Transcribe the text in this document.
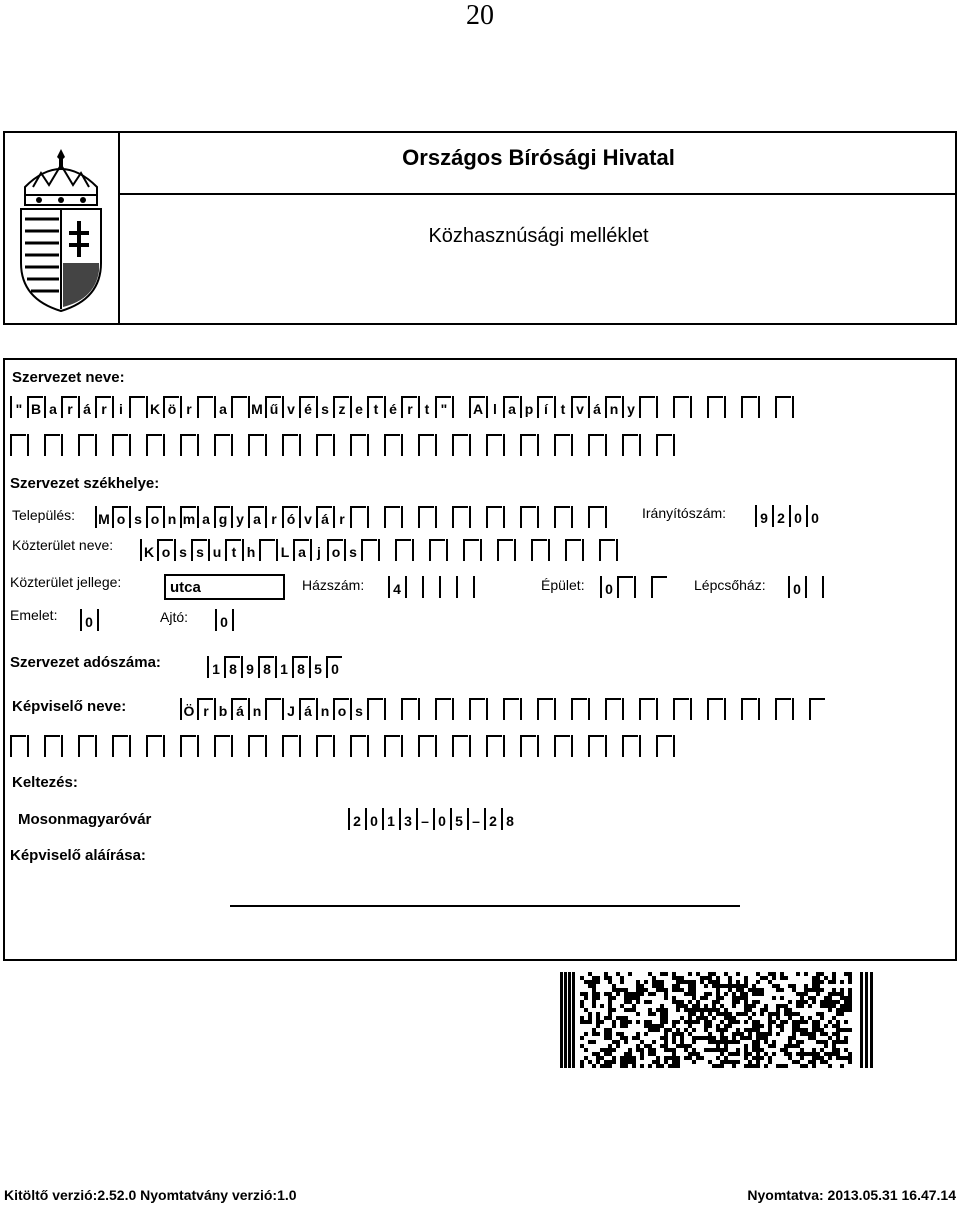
20
Országos Bírósági Hivatal
Közhasznúsági melléklet
Szervezet neve:
" B a r á r i	K ö r	a M ű v é s z e t é r t " A l a p í t v á n y
Szervezet székhelye:
Település: M o s o n m a g y a r ó v á r	Irányítószám:	9 2 0 0
Közterület neve: K o s s u t h	L a j o s
Közterület jellege:	utca	Házszám:	4	Épület:	0	Lépcsőház:	0
Emelet:	0	Ajtó:	0
Szervezet adószáma:	1 8 9 8 1 8 5 0
Képviselő neve:	Ö r b á n	J á n o s
Keltezés:
Mosonmagyaróvár	2 0 1 3 – 0 5 – 2 8
Képviselő aláírása:
Kitöltő verzió:2.52.0 Nyomtatvány verzió:1.0	Nyomtatva: 2013.05.31 16.47.14
